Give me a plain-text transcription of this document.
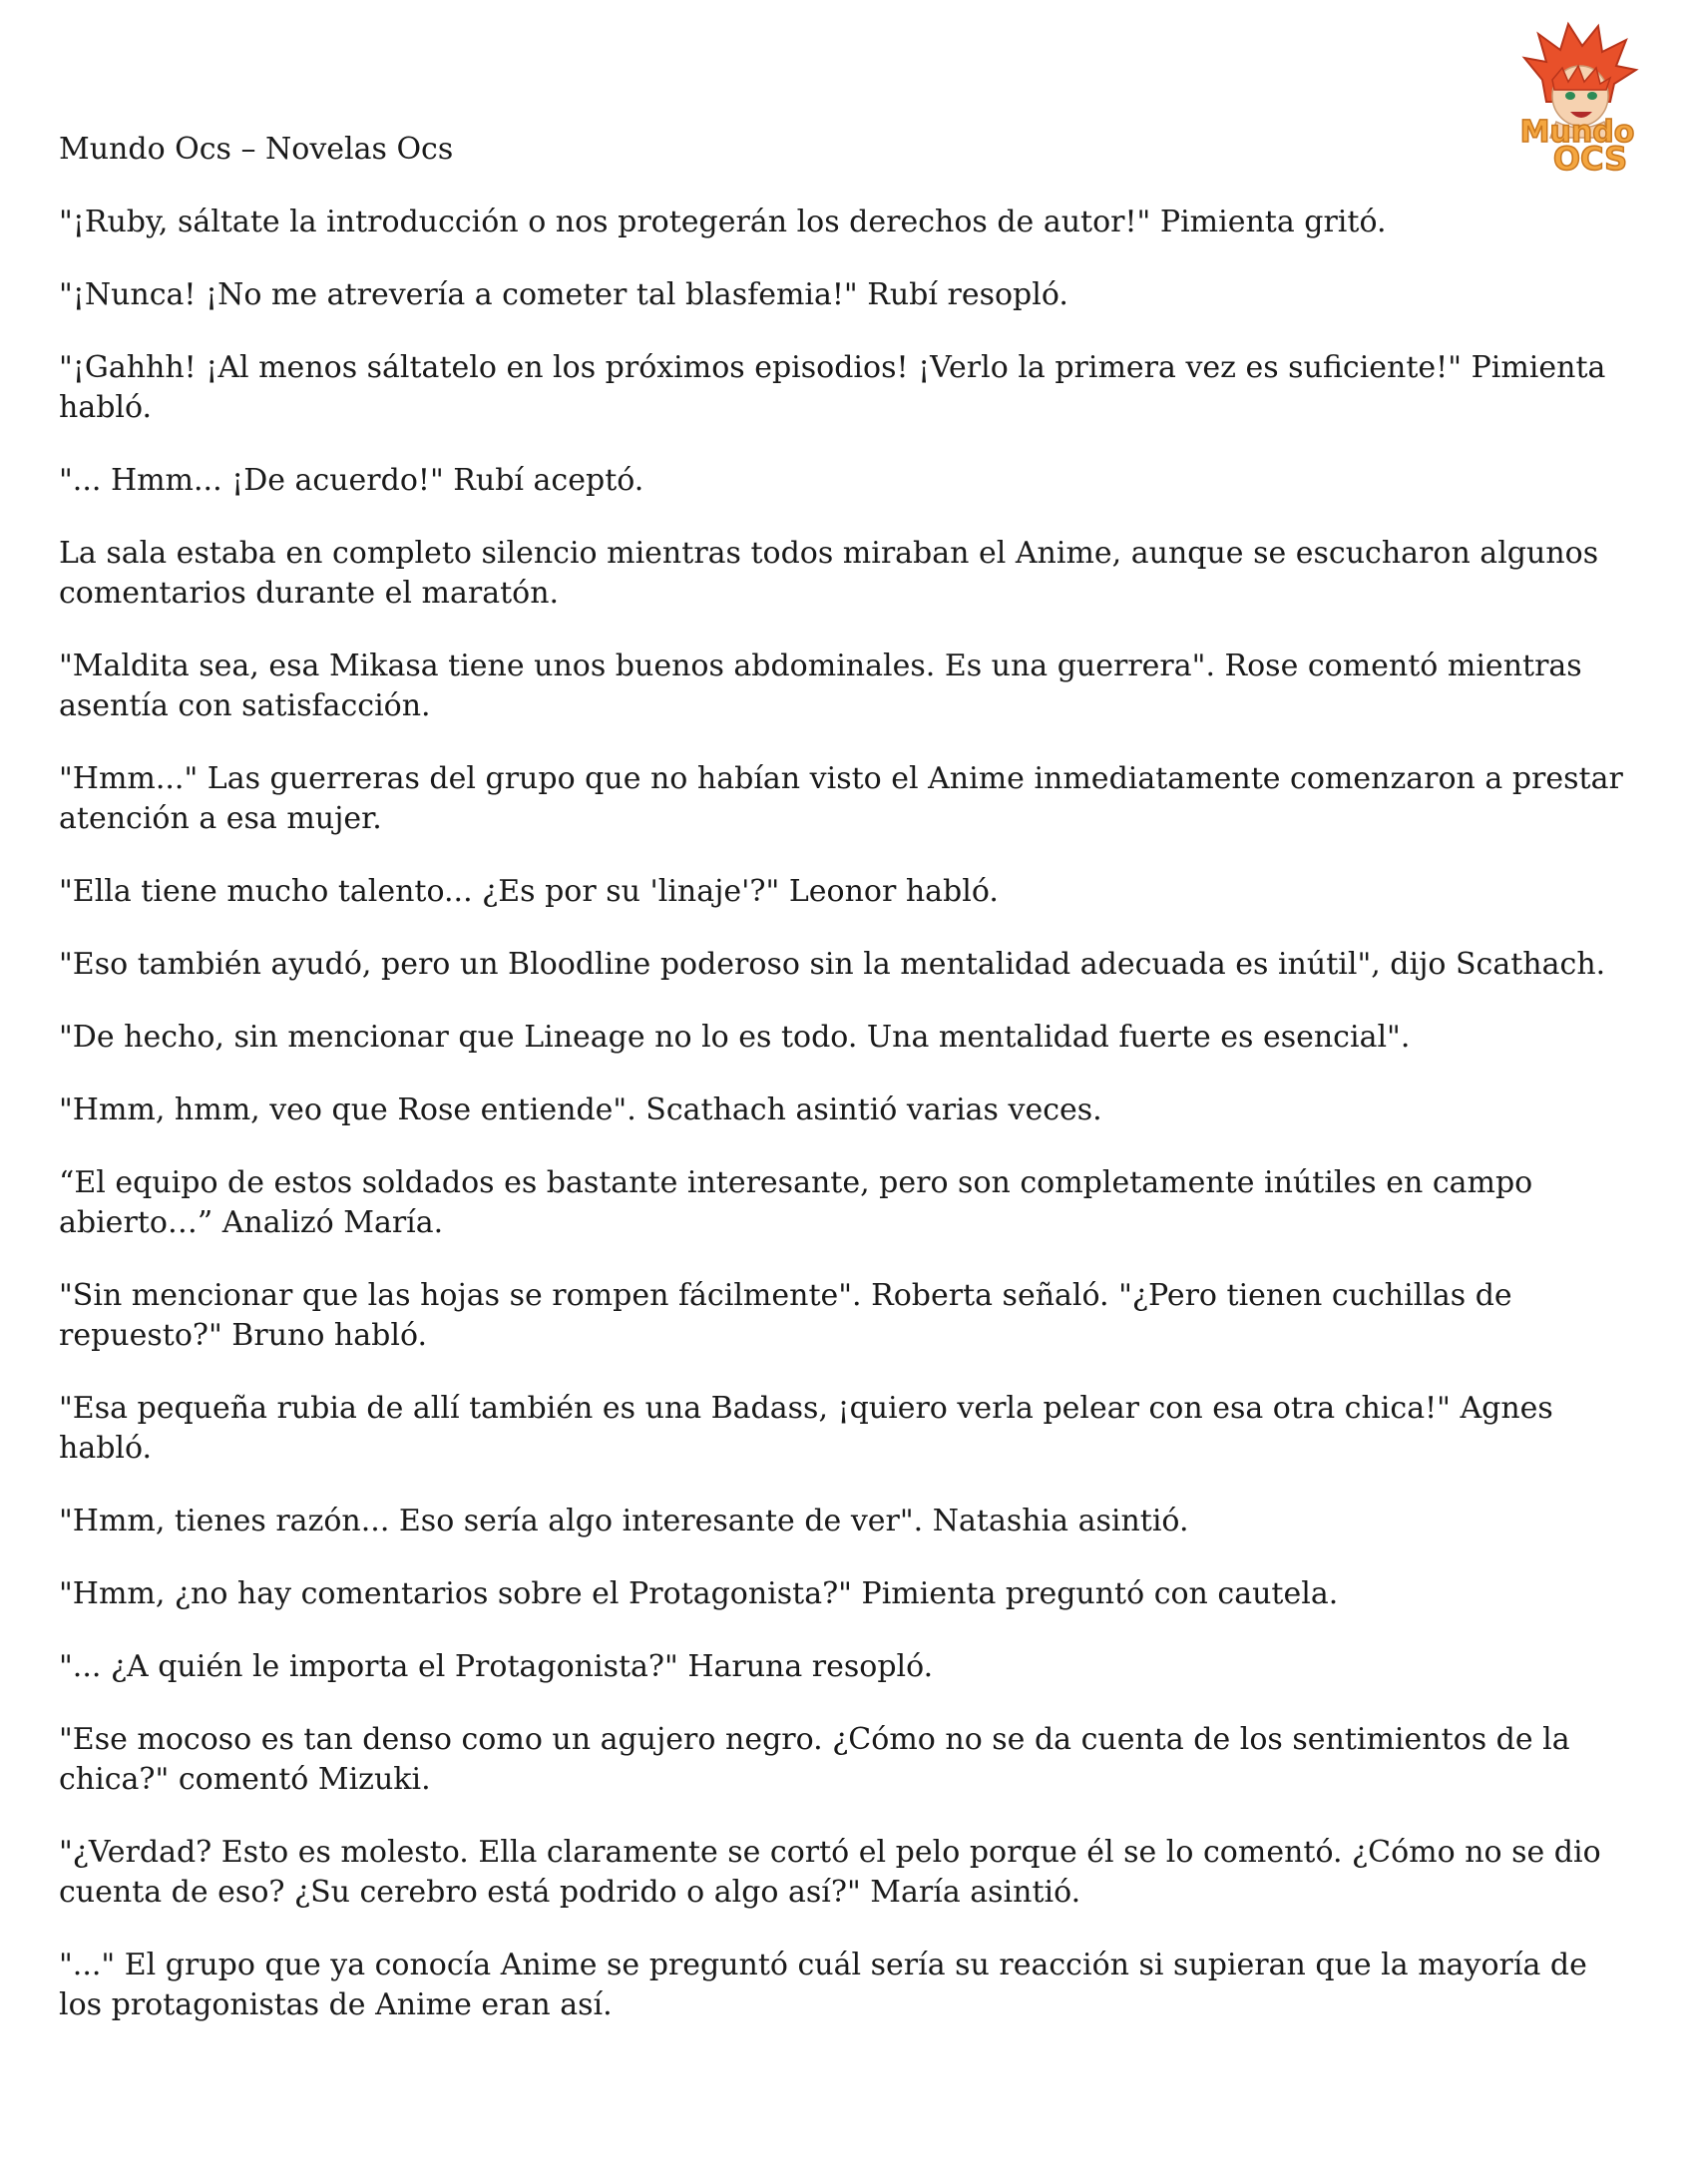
Mundo Ocs – Novelas Ocs	Mundo
OCS

"¡Ruby, sáltate la introducción o nos protegerán los derechos de autor!" Pimienta gritó.

"¡Nunca! ¡No me atrevería a cometer tal blasfemia!" Rubí resopló.

"¡Gahhh! ¡Al menos sáltatelo en los próximos episodios! ¡Verlo la primera vez es suficiente!" Pimienta habló.

"... Hmm... ¡De acuerdo!" Rubí aceptó.

La sala estaba en completo silencio mientras todos miraban el Anime, aunque se escucharon algunos comentarios durante el maratón.

"Maldita sea, esa Mikasa tiene unos buenos abdominales. Es una guerrera". Rose comentó mientras asentía con satisfacción.

"Hmm..." Las guerreras del grupo que no habían visto el Anime inmediatamente comenzaron a prestar atención a esa mujer.

"Ella tiene mucho talento... ¿Es por su 'linaje'?" Leonor habló.

"Eso también ayudó, pero un Bloodline poderoso sin la mentalidad adecuada es inútil", dijo Scathach.

"De hecho, sin mencionar que Lineage no lo es todo. Una mentalidad fuerte es esencial".

"Hmm, hmm, veo que Rose entiende". Scathach asintió varias veces.

“El equipo de estos soldados es bastante interesante, pero son completamente inútiles en campo abierto…” Analizó María.

"Sin mencionar que las hojas se rompen fácilmente". Roberta señaló. "¿Pero tienen cuchillas de repuesto?" Bruno habló.

"Esa pequeña rubia de allí también es una Badass, ¡quiero verla pelear con esa otra chica!" Agnes habló.

"Hmm, tienes razón... Eso sería algo interesante de ver". Natashia asintió.

"Hmm, ¿no hay comentarios sobre el Protagonista?" Pimienta preguntó con cautela.

"... ¿A quién le importa el Protagonista?" Haruna resopló.

"Ese mocoso es tan denso como un agujero negro. ¿Cómo no se da cuenta de los sentimientos de la chica?" comentó Mizuki.

"¿Verdad? Esto es molesto. Ella claramente se cortó el pelo porque él se lo comentó. ¿Cómo no se dio cuenta de eso? ¿Su cerebro está podrido o algo así?" María asintió.

"..." El grupo que ya conocía Anime se preguntó cuál sería su reacción si supieran que la mayoría de los protagonistas de Anime eran así.
